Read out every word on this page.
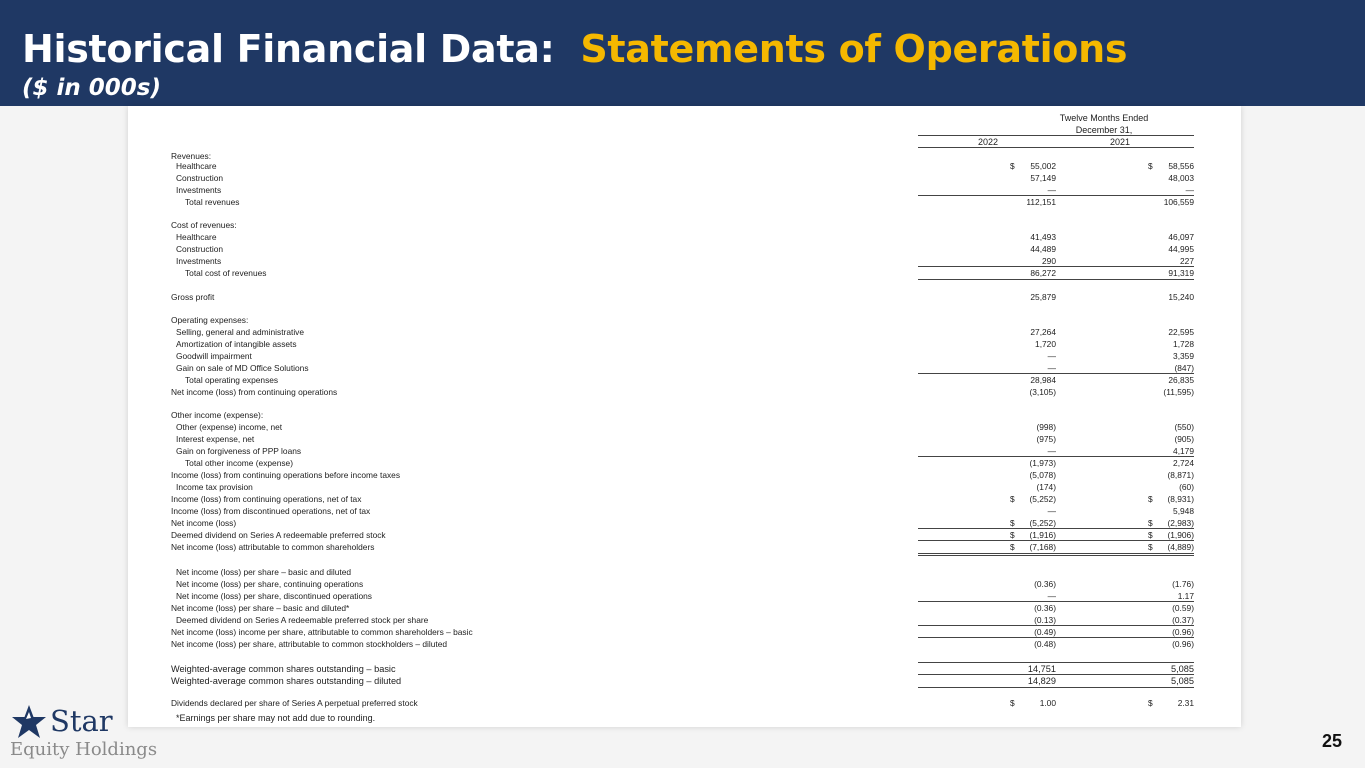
Historical Financial Data: Statements of Operations
($ in 000s)
Twelve Months Ended
December 31,
2022	2021
Revenues:
Healthcare	$	55,002	$	58,556
Construction	57,149	48,003
Investments	—	—
Total revenues	112,151	106,559
Cost of revenues:
Healthcare	41,493	46,097
Construction	44,489	44,995
Investments	290	227
Total cost of revenues	86,272	91,319
Gross profit	25,879	15,240
Operating expenses:
Selling, general and administrative	27,264	22,595
Amortization of intangible assets	1,720	1,728
Goodwill impairment	—	3,359
Gain on sale of MD Office Solutions	—	(847)
Total operating expenses	28,984	26,835
Net income (loss) from continuing operations	(3,105)	(11,595)
Other income (expense):
Other (expense) income, net	(998)	(550)
Interest expense, net	(975)	(905)
Gain on forgiveness of PPP loans	—	4,179
Total other income (expense)	(1,973)	2,724
Income (loss) from continuing operations before income taxes	(5,078)	(8,871)
Income tax provision	(174)	(60)
Income (loss) from continuing operations, net of tax	$	(5,252)	$	(8,931)
Income (loss) from discontinued operations, net of tax	—	5,948
Net income (loss)	$	(5,252)	$	(2,983)
Deemed dividend on Series A redeemable preferred stock	$	(1,916)	$	(1,906)
Net income (loss) attributable to common shareholders	$	(7,168)	$	(4,889)
Net income (loss) per share – basic and diluted
Net income (loss) per share, continuing operations	(0.36)	(1.76)
Net income (loss) per share, discontinued operations	—	1.17
Net income (loss) per share – basic and diluted*	(0.36)	(0.59)
Deemed dividend on Series A redeemable preferred stock per share	(0.13)	(0.37)
Net income (loss) income per share, attributable to common shareholders – basic	(0.49)	(0.96)
Net income (loss) per share, attributable to common stockholders – diluted	(0.48)	(0.96)
Weighted-average common shares outstanding – basic	14,751	5,085
Weighted-average common shares outstanding – diluted	14,829	5,085
Dividends declared per share of Series A perpetual preferred stock	$	1.00	$	2.31
*Earnings per share may not add due to rounding.
Star
Equity Holdings	25
